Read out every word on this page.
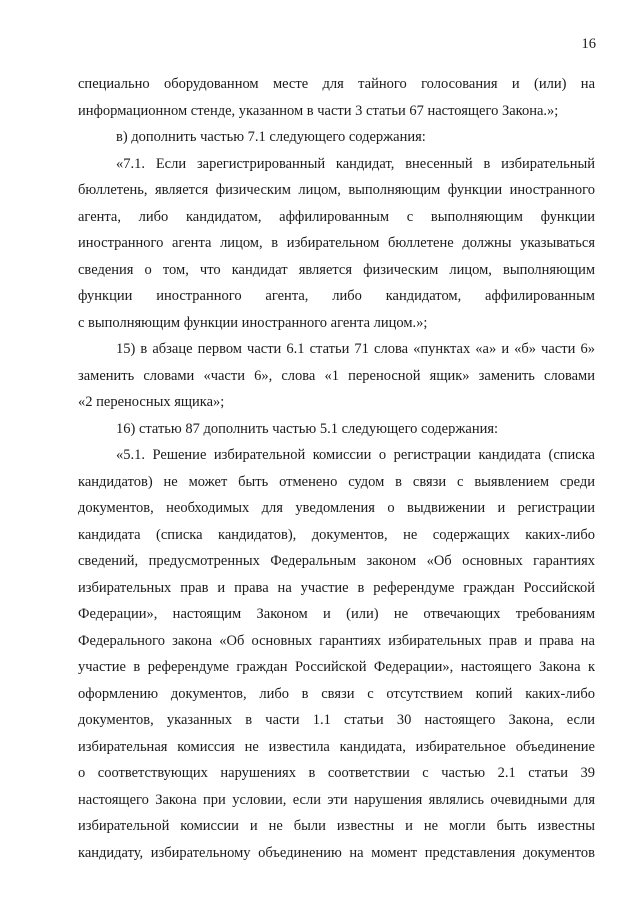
16
специально оборудованном месте для тайного голосования и (или) на
информационном стенде, указанном в части 3 статьи 67 настоящего Закона.»;
в) дополнить частью 7.1 следующего содержания:
«7.1. Если зарегистрированный кандидат, внесенный в избирательный
бюллетень, является физическим лицом, выполняющим функции иностранного
агента, либо кандидатом, аффилированным с выполняющим функции
иностранного агента лицом, в избирательном бюллетене должны указываться
сведения о том, что кандидат является физическим лицом, выполняющим
функции иностранного агента, либо кандидатом, аффилированным
с выполняющим функции иностранного агента лицом.»;
15) в абзаце первом части 6.1 статьи 71 слова «пунктах «а» и «б» части 6»
заменить словами «части 6», слова «1 переносной ящик» заменить словами
«2 переносных ящика»;
16) статью 87 дополнить частью 5.1 следующего содержания:
«5.1. Решение избирательной комиссии о регистрации кандидата (списка
кандидатов) не может быть отменено судом в связи с выявлением среди
документов, необходимых для уведомления о выдвижении и регистрации
кандидата (списка кандидатов), документов, не содержащих каких-либо
сведений, предусмотренных Федеральным законом «Об основных гарантиях
избирательных прав и права на участие в референдуме граждан Российской
Федерации», настоящим Законом и (или) не отвечающих требованиям
Федерального закона «Об основных гарантиях избирательных прав и права на
участие в референдуме граждан Российской Федерации», настоящего Закона к
оформлению документов, либо в связи с отсутствием копий каких-либо
документов, указанных в части 1.1 статьи 30 настоящего Закона, если
избирательная комиссия не известила кандидата, избирательное объединение
о соответствующих нарушениях в соответствии с частью 2.1 статьи 39
настоящего Закона при условии, если эти нарушения являлись очевидными для
избирательной комиссии и не были известны и не могли быть известны
кандидату, избирательному объединению на момент представления документов
